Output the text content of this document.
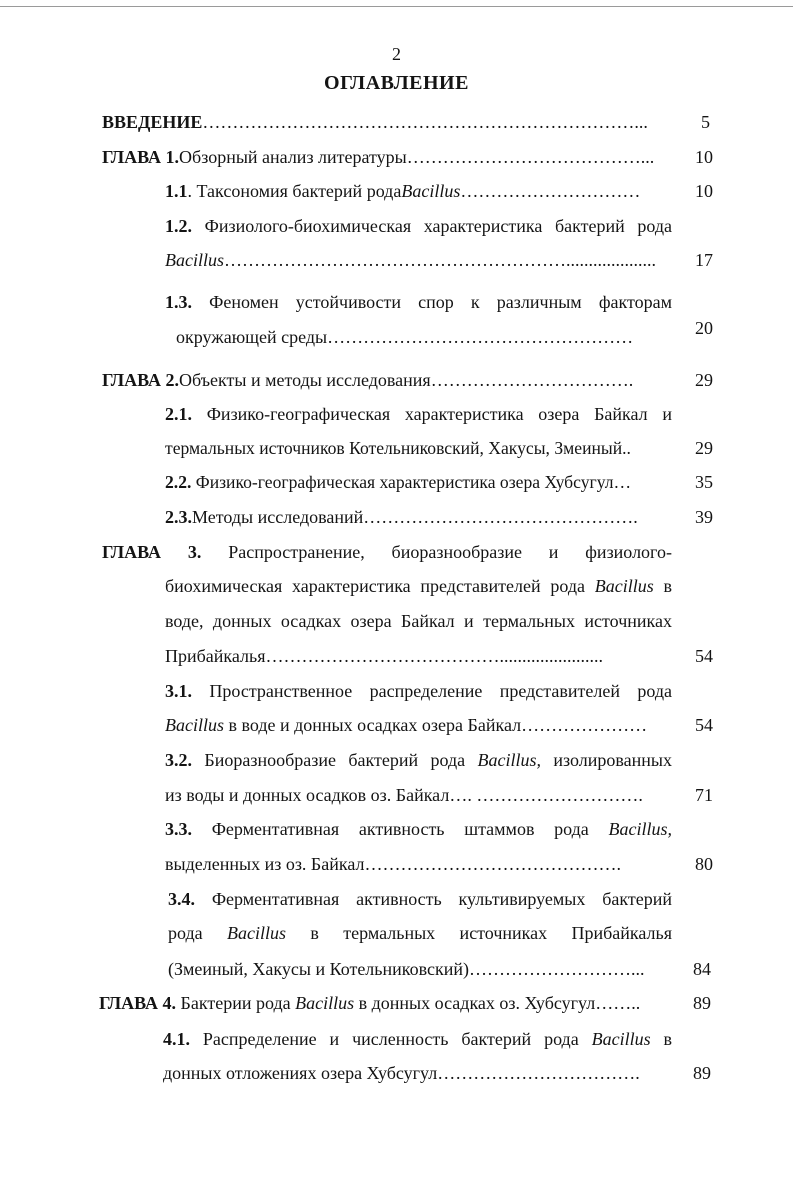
2
ОГЛАВЛЕНИЕ
ВВЕДЕНИЕ ………………………………………………………………...	5
ГЛАВА 1. Обзорный анализ литературы …………………………………...	10
1.1 . Таксономия бактерий рода Bacillus …………………………	10
1.2. Физиолого-биохимическая характеристика бактерий рода
Bacillus …………………………………………………....................	17
1.3. Феномен устойчивости спор к различным факторам
окружающей среды ……………………………………………	20
ГЛАВА 2. Объекты и методы исследования …………………………….	29
2.1. Физико-географическая характеристика озера Байкал и
термальных источников Котельниковский, Хакусы, Змеиный..	29
2.2. Физико-географическая характеристика озера Хубсугул…	35
2.3. Методы исследований ……………………………………….	39
ГЛАВА 3. Распространение, биоразнообразие и физиолого-
биохимическая характеристика представителей рода Bacillus в
воде, донных осадках озера Байкал и термальных источниках
Прибайкалья ………………………………….......................	54
3.1. Пространственное распределение представителей рода
Bacillus в воде и донных осадках озера Байкал …………………	54
3.2. Биоразнообразие бактерий рода Bacillus, изолированных
из воды и донных осадков оз. Байкал …. ……………………….	71
3.3. Ферментативная активность штаммов рода Bacillus,
выделенных из оз. Байкал …………………………………….	80
3.4. Ферментативная активность культивируемых бактерий
рода Bacillus в термальных источниках Прибайкалья
(Змеиный, Хакусы и Котельниковский) ………………………...	84
ГЛАВА 4. Бактерии рода Bacillus в донных осадках оз. Хубсугул ……..	89
4.1. Распределение и численность бактерий рода Bacillus в
донных отложениях озера Хубсугул …………………………….	89
